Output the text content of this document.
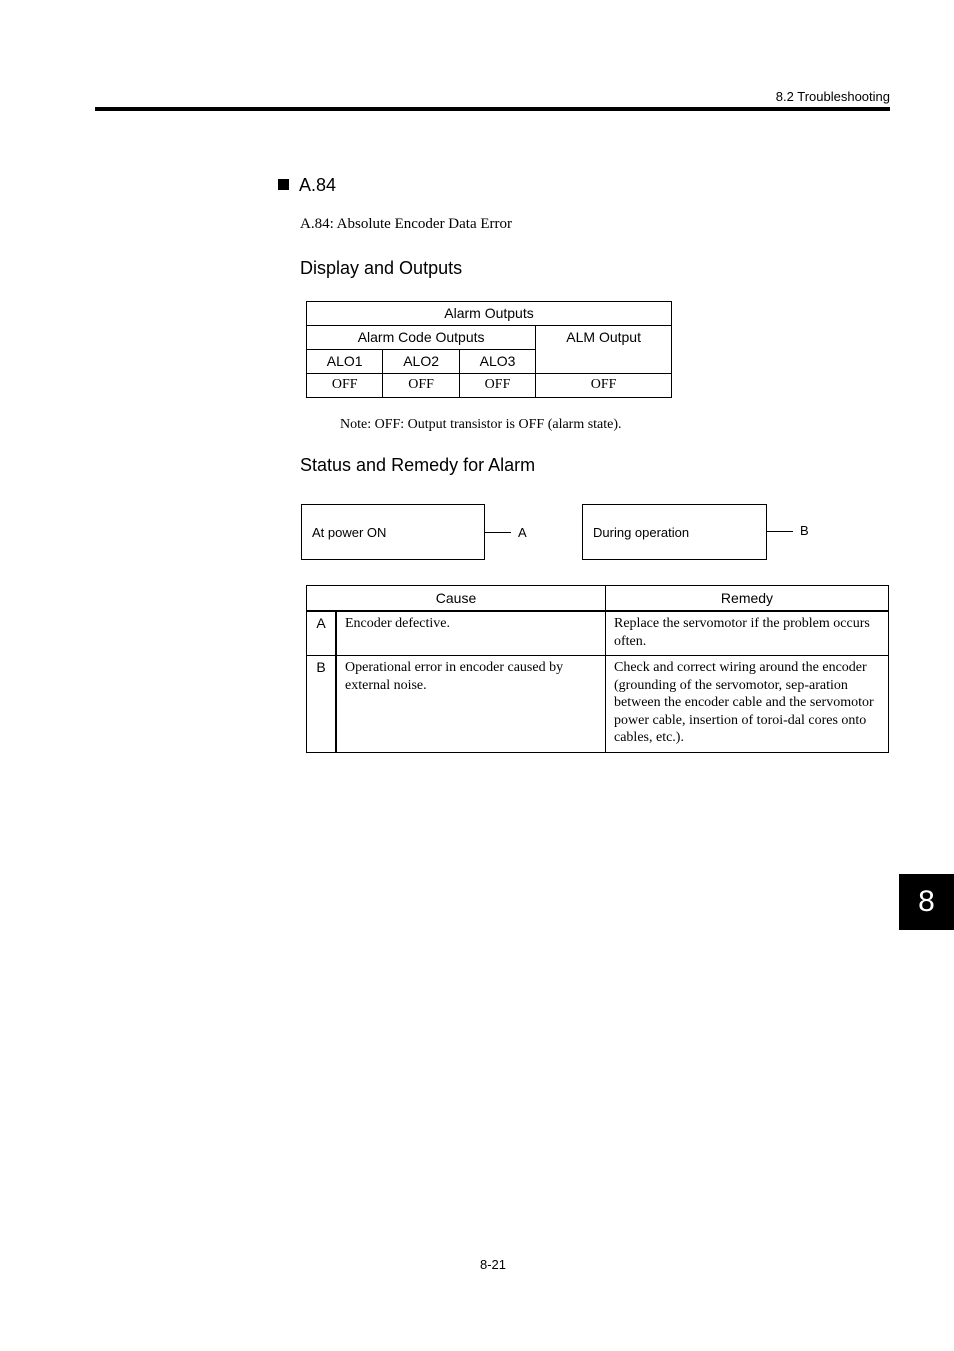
8.2 Troubleshooting
A.84
A.84: Absolute Encoder Data Error
Display and Outputs
Alarm Outputs			
Alarm Code Outputs			ALM Output
ALO1	ALO2	ALO3	
OFF	OFF	OFF	OFF
Note: OFF: Output transistor is OFF (alarm state).
Status and Remedy for Alarm
At power ON	A	During operation	B
Cause		Remedy
A	Encoder defective.	Replace the servomotor if the problem occurs often.
B	Operational error in encoder caused by external noise.	Check and correct wiring around the encoder (grounding of the servomotor, sep-aration between the encoder cable and the servomotor power cable, insertion of toroi-dal cores onto cables, etc.).
8-21
8
